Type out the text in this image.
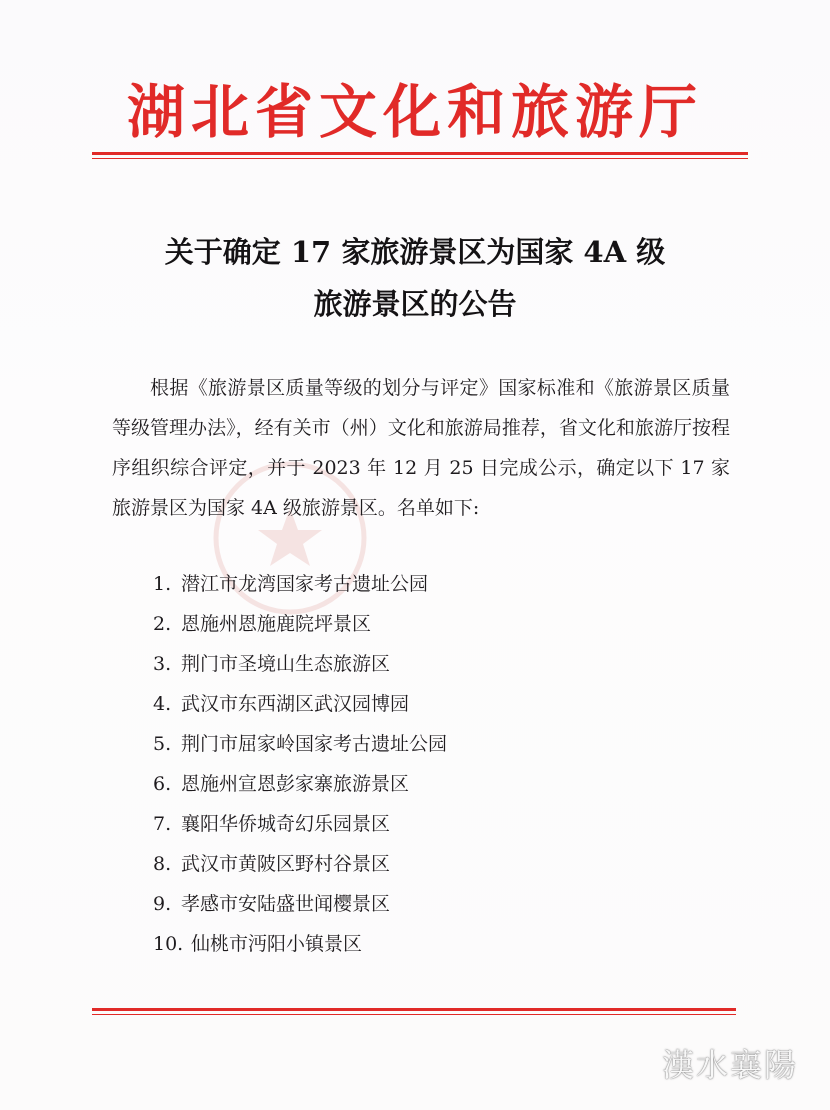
湖北省文化和旅游厅
关于确定 17 家旅游景区为国家 4A 级
旅游景区的公告
根据《旅游景区质量等级的划分与评定》国家标准和《旅游景区质量等级管理办法》，经有关市（州）文化和旅游局推荐，省文化和旅游厅按程序组织综合评定，并于 2023 年 12 月 25 日完成公示，确定以下 17 家旅游景区为国家 4A 级旅游景区。名单如下:
1. 潜江市龙湾国家考古遗址公园
2. 恩施州恩施鹿院坪景区
3. 荆门市圣境山生态旅游区
4. 武汉市东西湖区武汉园博园
5. 荆门市屈家岭国家考古遗址公园
6. 恩施州宣恩彭家寨旅游景区
7. 襄阳华侨城奇幻乐园景区
8. 武汉市黄陂区野村谷景区
9. 孝感市安陆盛世闻樱景区
10. 仙桃市沔阳小镇景区
漢水襄陽
